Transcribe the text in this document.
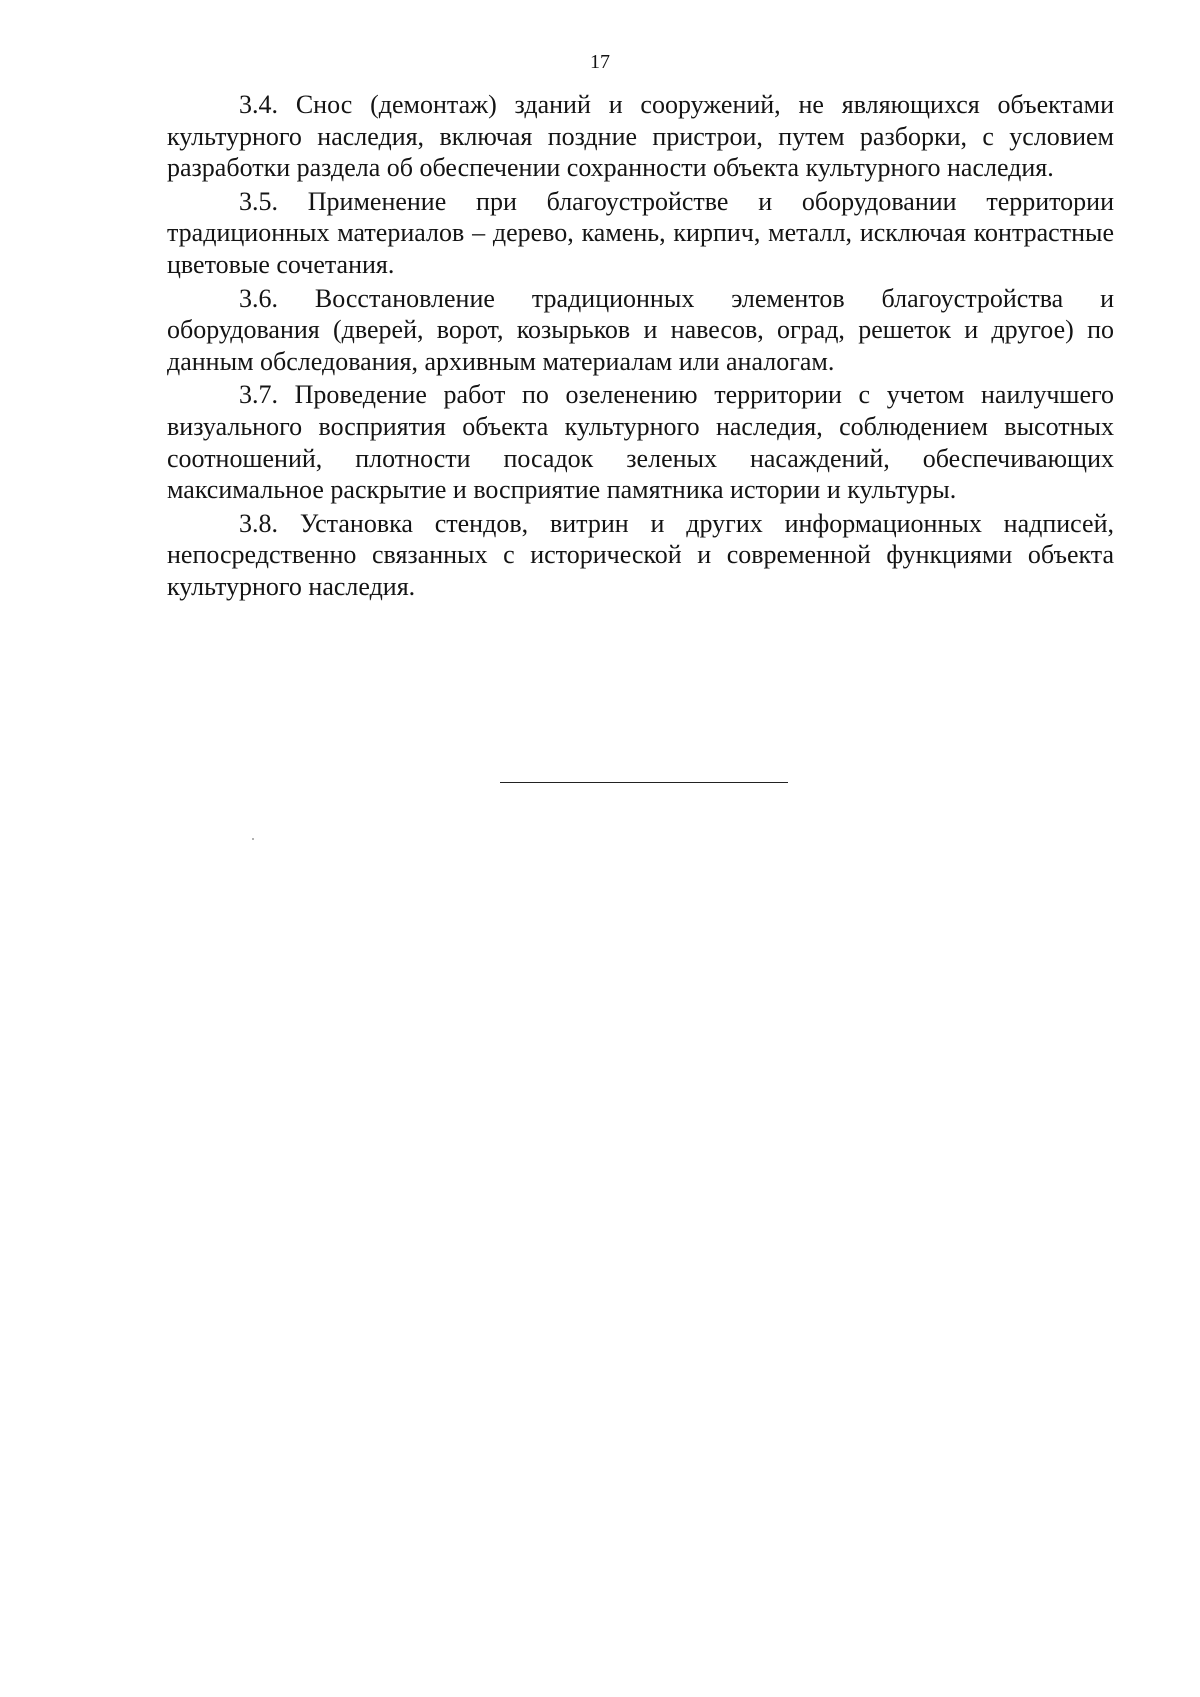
17

3.4. Снос (демонтаж) зданий и сооружений, не являющихся объектами культурного наследия, включая поздние пристрои, путем разборки, с условием разработки раздела об обеспечении сохранности объекта культурного наследия.

3.5. Применение при благоустройстве и оборудовании территории традиционных материалов – дерево, камень, кирпич, металл, исключая контрастные цветовые сочетания.

3.6. Восстановление традиционных элементов благоустройства и оборудования (дверей, ворот, козырьков и навесов, оград, решеток и другое) по данным обследования, архивным материалам или аналогам.

3.7. Проведение работ по озеленению территории с учетом наилучшего визуального восприятия объекта культурного наследия, соблюдением высотных соотношений, плотности посадок зеленых насаждений, обеспечивающих максимальное раскрытие и восприятие памятника истории и культуры.

3.8. Установка стендов, витрин и других информационных надписей, непосредственно связанных с исторической и современной функциями объекта культурного наследия.
